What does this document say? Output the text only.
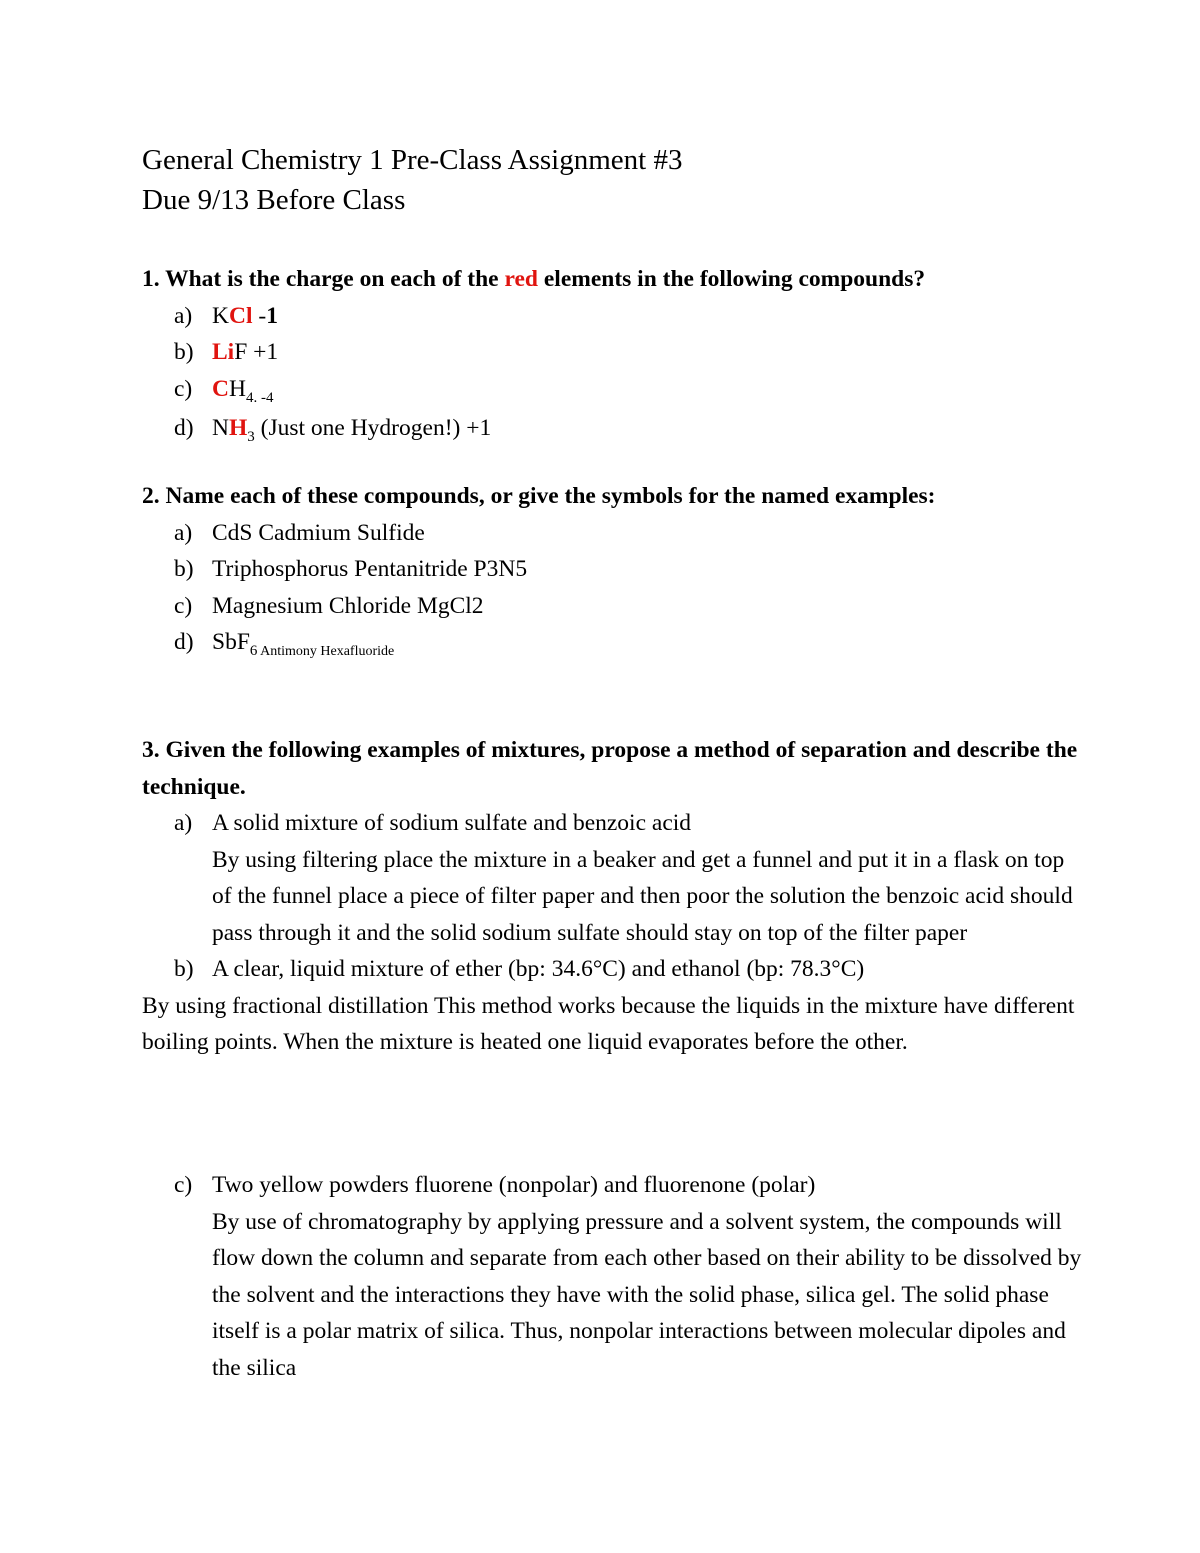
General Chemistry 1 Pre-Class Assignment #3
Due 9/13 Before Class

1. What is the charge on each of the red elements in the following compounds?

a) KCl -1
b) LiF +1
c) $CH_{4. -4}$
d) $NH_3$ (Just one Hydrogen!) +1

2. Name each of these compounds, or give the symbols for the named examples:

a) CdS Cadmium Sulfide
b) Triphosphorus Pentanitride P3N5
c) Magnesium Chloride MgCl2
d) SbF$_6$ $_{Antimony Hexafluoride}$

3. Given the following examples of mixtures, propose a method of separation and describe the technique.

a) A solid mixture of sodium sulfate and benzoic acid
By using filtering place the mixture in a beaker and get a funnel and put it in a flask on top of the funnel place a piece of filter paper and then poor the solution the benzoic acid should pass through it and the solid sodium sulfate should stay on top of the filter paper
b) A clear, liquid mixture of ether (bp: 34.6°C) and ethanol (bp: 78.3°C)
By using fractional distillation This method works because the liquids in the mixture have different boiling points. When the mixture is heated one liquid evaporates before the other.
c) Two yellow powders fluorene (nonpolar) and fluorenone (polar)
By use of chromatography by applying pressure and a solvent system, the compounds will flow down the column and separate from each other based on their ability to be dissolved by the solvent and the interactions they have with the solid phase, silica gel. The solid phase itself is a polar matrix of silica. Thus, nonpolar interactions between molecular dipoles and the silica
